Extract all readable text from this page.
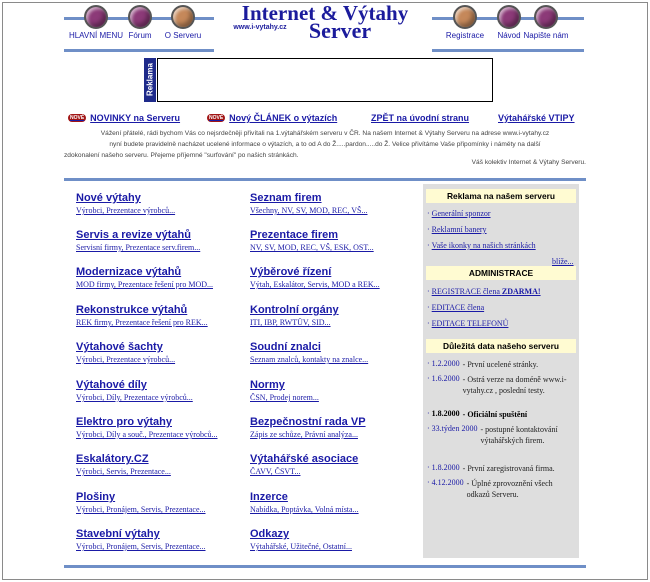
HLAVNÍ MENU Fórum	O Serveru	Registrace	Návod Napište nám
Internet & Výtahy
www.i-vytahy.cz	Server
Reklama
NOVÉ NOVINKY na Serveru	NOVÉ Nový ČLÁNEK o výtazích	ZPĚT na úvodní stranu	Výtahářské VTIPY
Vážení přátelé, rádi bychom Vás co nejsrdečněji přivítali na 1.výtahářském serveru v ČR. Na našem Internet & Výtahy Serveru na adrese www.i-vytahy.cz
nyní budete pravidelně nacházet ucelené informace o výtazích, a to od A do Ž.....pardon.....do Ž. Velice přivítáme Vaše připomínky i náměty na další
zdokonalení našeho serveru. Přejeme příjemné "surfování" po našich stránkách.
Váš kolektiv Internet & Výtahy Serveru.
Nové výtahy
Výrobci, Prezentace výrobců...
Servis a revize výtahů
Servisní firmy, Prezentace serv.firem...
Modernizace výtahů
MOD firmy, Prezentace řešení pro MOD...
Rekonstrukce výtahů
REK firmy, Prezentace řešení pro REK...
Výtahové šachty
Výrobci, Prezentace výrobců...
Výtahové díly
Výrobci, Díly, Prezentace výrobců...
Elektro pro výtahy
Výrobci, Díly a souč., Prezentace výrobců...
Eskalátory.CZ
Výrobci, Servis, Prezentace...
Plošiny
Výrobci, Pronájem, Servis, Prezentace...
Stavební výtahy
Výrobci, Pronájem, Servis, Prezentace...
Seznam firem
Všechny, NV, SV, MOD, REC, VŠ...
Prezentace firem
NV, SV, MOD, REC, VŠ, ESK, OST...
Výběrové řízení
Výtah, Eskalátor, Servis, MOD a REK...
Kontrolní orgány
ITI, IBP, RWTÜV, SID...
Soudní znalci
Seznam znalců, kontakty na znalce...
Normy
ČSN, Prodej norem...
Bezpečnostní rada VP
Zápis ze schůze, Právní analýza...
Výtahářské asociace
ČAVV, ČSVT...
Inzerce
Nabídka, Poptávka, Volná místa...
Odkazy
Výtahářské, Užitečné, Ostatní...
Reklama na našem serveru
· Generální sponzor
· Reklamní banery
· Vaše ikonky na našich stránkách
blíže...
ADMINISTRACE
· REGISTRACE člena ZDARMA!
· EDITACE člena
· EDITACE TELEFONŮ
Důležitá data našeho serveru
· 1.2.2000 - První ucelené stránky.
· 1.6.2000 - Ostrá verze na doméně www.i-vytahy.cz , poslední testy.
· 1.8.2000 - Oficiální spuštění
· 33.týden 2000 - postupné kontaktování výtahářských firem.
· 1.8.2000 - První zaregistrovaná firma.
· 4.12.2000 - Úplné zprovoznění všech odkazů Serveru.
